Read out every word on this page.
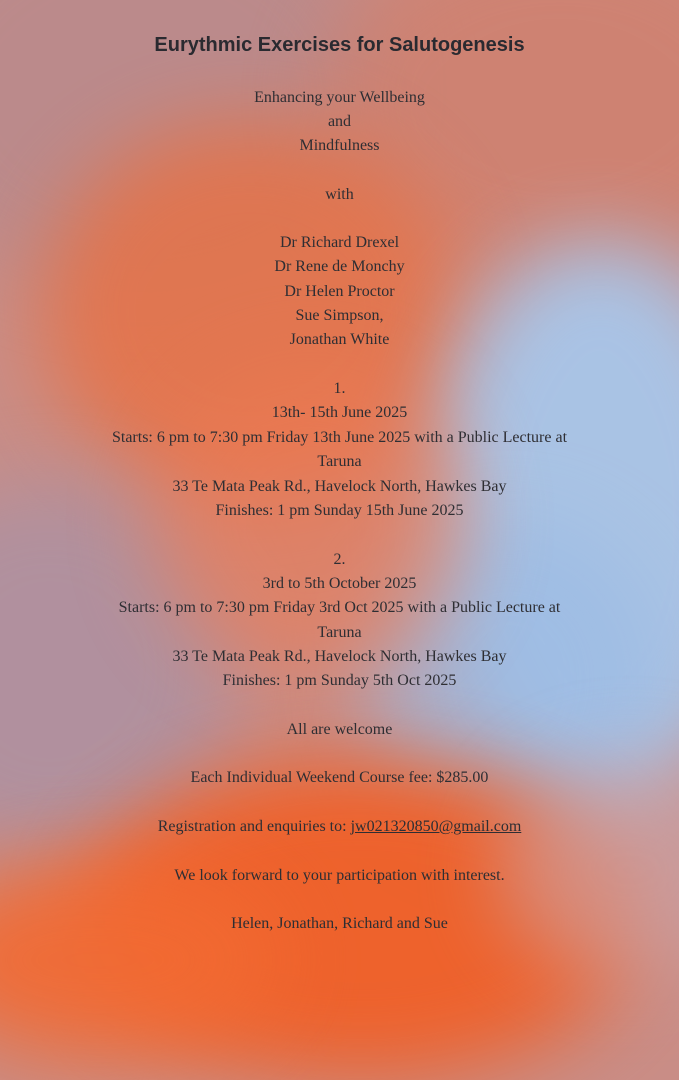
Eurythmic Exercises for Salutogenesis
Enhancing your Wellbeing
and
Mindfulness
with
Dr Richard Drexel
Dr Rene de Monchy
Dr Helen Proctor
Sue Simpson,
Jonathan White
1.
13th- 15th June 2025
Starts: 6 pm to 7:30 pm Friday 13th June 2025 with a Public Lecture at
Taruna
33 Te Mata Peak Rd., Havelock North, Hawkes Bay
Finishes: 1 pm Sunday 15th June 2025
2.
3rd to 5th October 2025
Starts: 6 pm to 7:30 pm Friday 3rd Oct 2025 with a Public Lecture at
Taruna
33 Te Mata Peak Rd., Havelock North, Hawkes Bay
Finishes: 1 pm Sunday 5th Oct 2025
All are welcome
Each Individual Weekend Course fee: $285.00
Registration and enquiries to: jw021320850@gmail.com
We look forward to your participation with interest.
Helen, Jonathan, Richard and Sue
